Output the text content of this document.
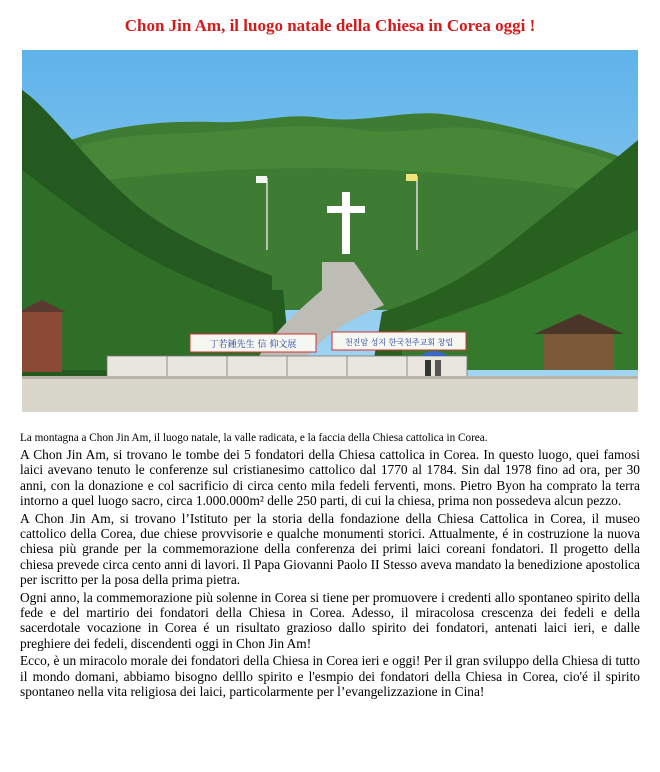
Chon Jin Am, il luogo natale della Chiesa in Corea oggi !
丁若鍾先生 信 仰文展	천진암 성지 한국천주교회 창립
La montagna a Chon Jin Am, il luogo natale, la valle radicata, e la faccia della Chiesa cattolica in Corea.

A Chon Jin Am, si trovano le tombe dei 5 fondatori della Chiesa cattolica in Corea. In questo luogo, quei famosi laici avevano tenuto le conferenze sul cristianesimo cattolico dal 1770 al 1784. Sin dal 1978 fino ad ora, per 30 anni, con la donazione e col sacrificio di circa cento mila fedeli ferventi, mons. Pietro Byon ha comprato la terra intorno a quel luogo sacro, circa 1.000.000m² delle 250 parti, di cui la chiesa, prima non possedeva alcun pezzo.

A Chon Jin Am, si trovano l’Istituto per la storia della fondazione della Chiesa Cattolica in Corea, il museo cattolico della Corea, due chiese provvisorie e qualche monumenti storici. Attualmente, é in costruzione la nuova chiesa più grande per la commemorazione della conferenza dei primi laici coreani fondatori. Il progetto della chiesa prevede circa cento anni di lavori. Il Papa Giovanni Paolo II Stesso aveva mandato la benedizione apostolica per iscritto per la posa della prima pietra.

Ogni anno, la commemorazione più solenne in Corea si tiene per promuovere i credenti allo spontaneo spirito della fede e del martirio dei fondatori della Chiesa in Corea. Adesso, il miracolosa crescenza dei fedeli e della sacerdotale vocazione in Corea é un risultato grazioso dallo spirito dei fondatori, antenati laici ieri, e dalle preghiere dei fedeli, discendenti oggi in Chon Jin Am!

Ecco, è un miracolo morale dei fondatori della Chiesa in Corea ieri e oggi! Per il gran sviluppo della Chiesa di tutto il mondo domani, abbiamo bisogno delllo spirito e l'esmpio dei fondatori della Chiesa in Corea, cio'é il spirito spontaneo nella vita religiosa dei laici, particolarmente per l’evangelizzazione in Cina!
